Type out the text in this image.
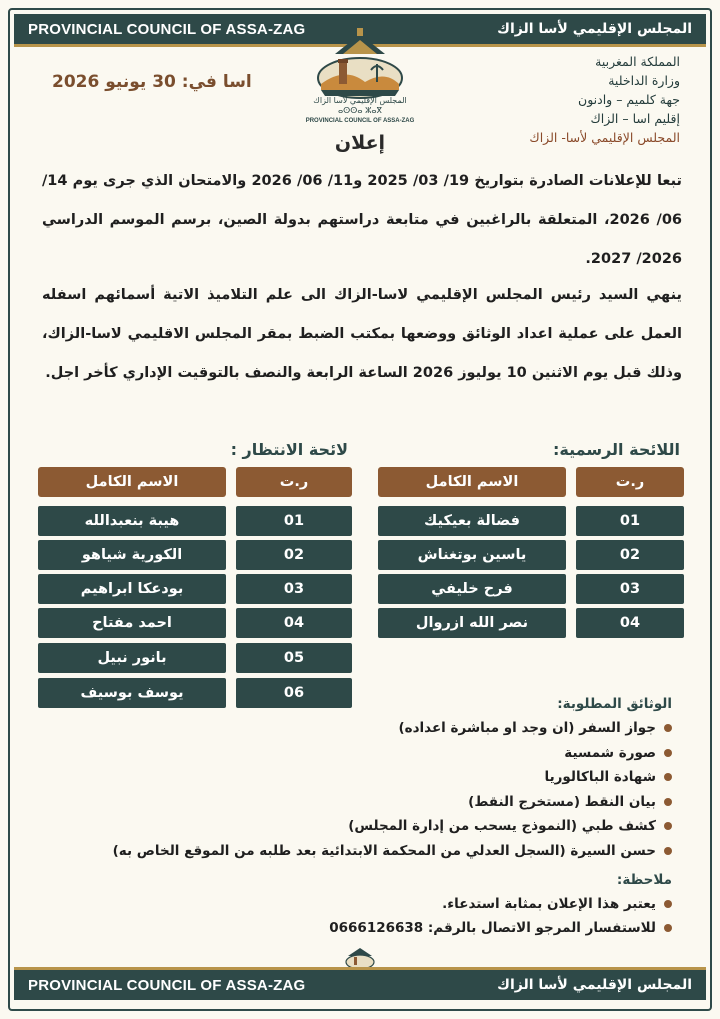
PROVINCIAL COUNCIL OF ASSA-ZAG	المجلس الإقليمي لأسا الزاك
المملكة المغربية
وزارة الداخلية
جهة كلميم – وادنون
إقليم اسا – الزاك
المجلس الإقليمي لأسا- الزاك
اسا في: 30 يونيو 2026
المجلس الإقليمي لأسا الزاك
ⴰⵙⵙⴰ ⵣⴰⴳ
PROVINCIAL COUNCIL OF ASSA-ZAG
إعلان
تبعا للإعلانات الصادرة بتواريخ 19/ 03/ 2025 و11/ 06/ 2026 والامتحان الذي جرى يوم 14/ 06/ 2026، المتعلقة بالراغبين في متابعة دراستهم بدولة الصين، برسم الموسم الدراسي 2026/ 2027.
ينهي السيد رئيس المجلس الإقليمي لاسا-الزاك الى علم التلاميذ الاتية أسمائهم اسفله العمل على عملية اعداد الوثائق ووضعها بمكتب الضبط بمقر المجلس الاقليمي لاسا-الزاك، وذلك قبل يوم الاثنين 10 يوليوز 2026 الساعة الرابعة والنصف بالتوقيت الإداري كأخر اجل.
اللائحة الرسمية:
لائحة الانتظار :
ر.ت
الاسم الكامل
01
فضالة بعيكيك
02
ياسين بوتغناش
03
فرح خليفي
04
نصر الله ازروال
ر.ت
الاسم الكامل
01
هيبة بنعبدالله
02
الكورية شياهو
03
بودعكا ابراهيم
04
احمد مفتاح
05
بانور نبيل
06
يوسف بوسيف
الوثائق المطلوبة:
جواز السفر (ان وجد او مباشرة اعداده)
صورة شمسية
شهادة الباكالوريا
بيان النقط (مستخرج النقط)
كشف طبي (النموذج يسحب من إدارة المجلس)
حسن السيرة (السجل العدلي من المحكمة الابتدائية بعد طلبه من الموقع الخاص به)
ملاحظة:
يعتبر هذا الإعلان بمثابة استدعاء.
للاستفسار المرجو الاتصال بالرقم: 0666126638
PROVINCIAL COUNCIL OF ASSA-ZAG	المجلس الإقليمي لأسا الزاك
